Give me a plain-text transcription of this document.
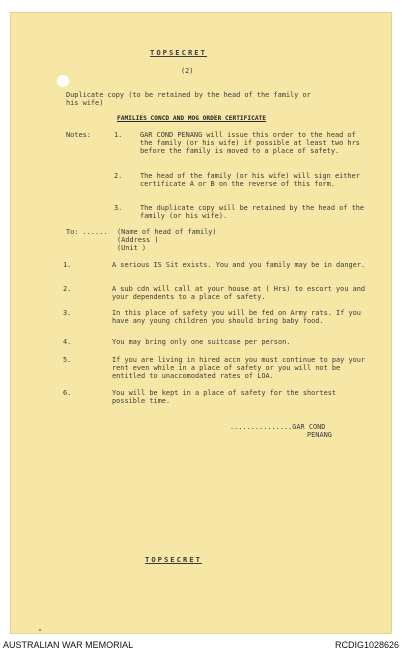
TOPSECRET
(2)
Duplicate copy (to be retained by the head of the family or
his wife)
FAMILIES CONCD AND MOG ORDER CERTIFICATE
Notes:	1.	GAR COND PENANG will issue this order to the head of the family (or his wife) if possible at least two hrs before the family is moved to a place of safety.
2.	The head of the family (or his wife) will sign either certificate A or B on the reverse of this form.
3.	The duplicate copy will be retained by the head of the family (or his wife).
To: ...... (Name of head of family)
(Address )
(Unit )
1.	A serious IS Sit exists. You and you family may be in danger.
2.	A sub cdn will call at your house at ( Hrs) to escort you and your dependents to a place of safety.
3.	In this place of safety you will be fed on Army rats. If you have any young children you should bring baby food.
4.	You may bring only one suitcase per person.
5.	If you are living in hired accn you must continue to pay your rent even while in a place of safety or you will not be entitled to unaccomodated rates of LOA.
6.	You will be kept in a place of safety for the shortest possible time.
...............GAR COND
PENANG
TOPSECRET
AUSTRALIAN WAR MEMORIAL	RCDIG1028626
